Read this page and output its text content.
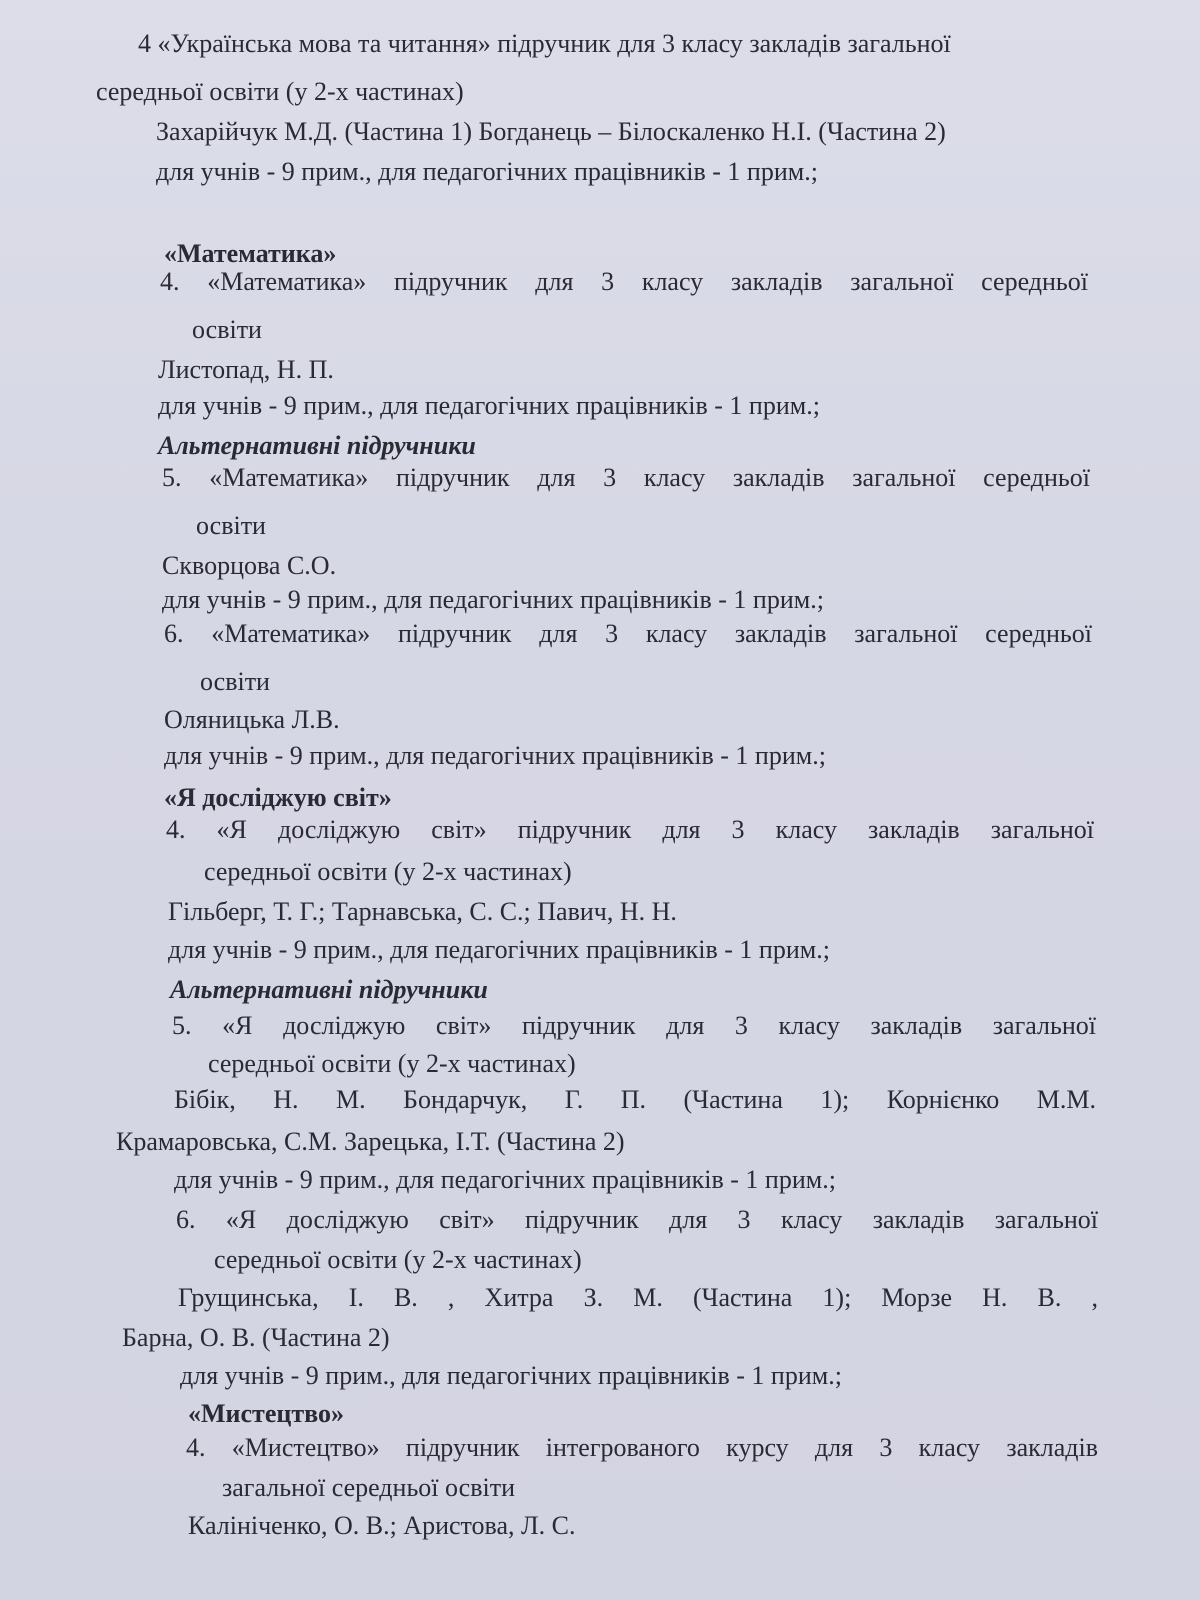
4 «Українська мова та читання» підручник для 3 класу закладів загальної
середньої освіти (у 2-х частинах)
Захарійчук М.Д. (Частина 1) Богданець – Білоскаленко Н.І. (Частина 2)
для учнів - 9 прим., для педагогічних працівників - 1 прим.;
«Математика»
4. «Математика» підручник для 3 класу закладів загальної середньої
освіти
Листопад, Н. П.
для учнів - 9 прим., для педагогічних працівників - 1 прим.;
Альтернативні підручники
5. «Математика» підручник для 3 класу закладів загальної середньої
освіти
Скворцова С.О.
для учнів - 9 прим., для педагогічних працівників - 1 прим.;
6. «Математика» підручник для 3 класу закладів загальної середньої
освіти
Оляницька Л.В.
для учнів - 9 прим., для педагогічних працівників - 1 прим.;
«Я досліджую світ»
4. «Я досліджую світ» підручник для 3 класу закладів загальної
середньої освіти (у 2-х частинах)
Гільберг, Т. Г.; Тарнавська, С. С.; Павич, Н. Н.
для учнів - 9 прим., для педагогічних працівників - 1 прим.;
Альтернативні підручники
5. «Я досліджую світ» підручник для 3 класу закладів загальної
середньої освіти (у 2-х частинах)
Бібік, Н. М. Бондарчук, Г. П. (Частина 1); Корнієнко М.М.
Крамаровська, С.М. Зарецька, І.Т. (Частина 2)
для учнів - 9 прим., для педагогічних працівників - 1 прим.;
6. «Я досліджую світ» підручник для 3 класу закладів загальної
середньої освіти (у 2-х частинах)
Грущинська, І. В. , Хитра З. М. (Частина 1); Морзе Н. В. ,
Барна, О. В. (Частина 2)
для учнів - 9 прим., для педагогічних працівників - 1 прим.;
«Мистецтво»
4. «Мистецтво» підручник інтегрованого курсу для 3 класу закладів
загальної середньої освіти
Калініченко, О. В.; Аристова, Л. С.
